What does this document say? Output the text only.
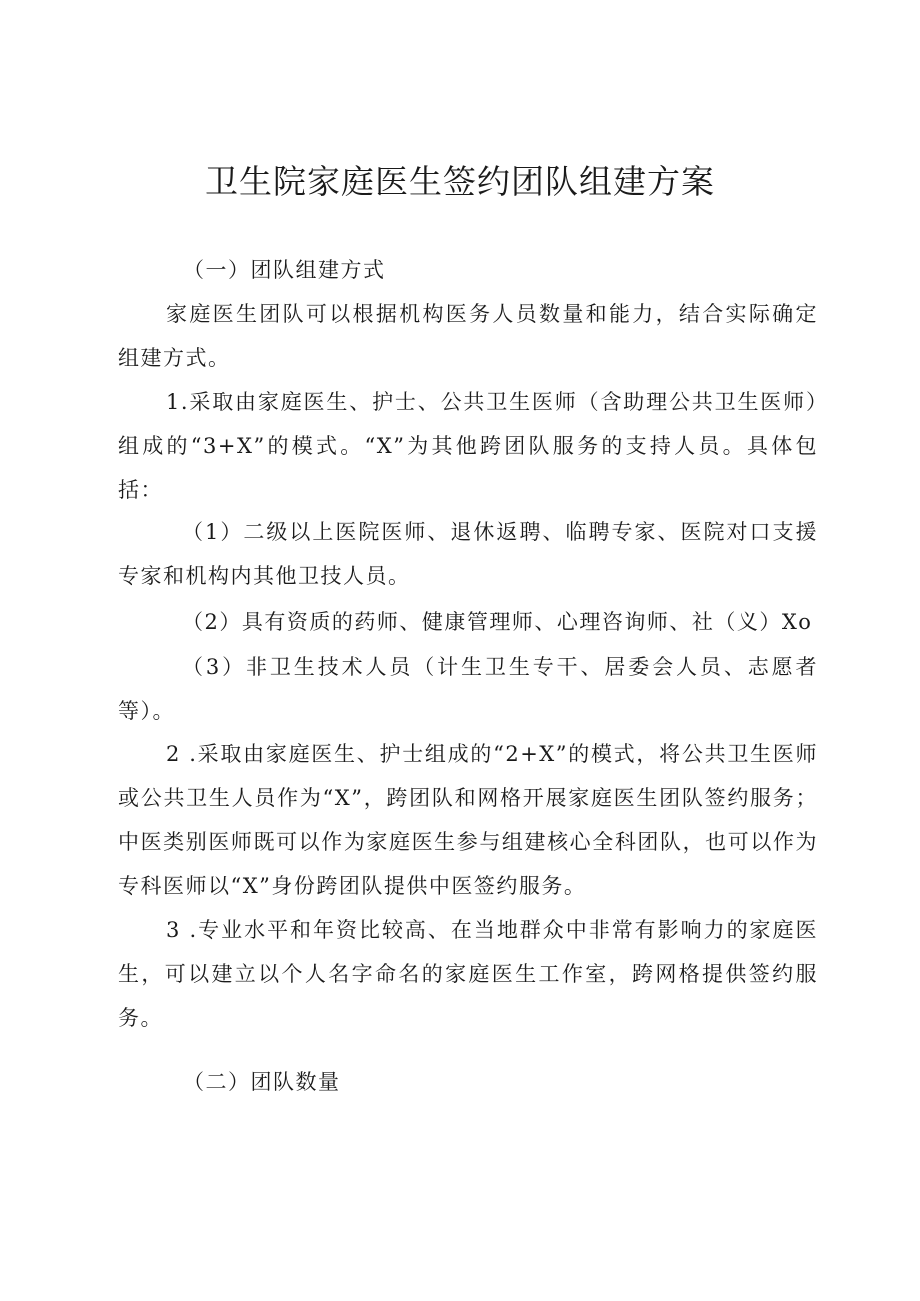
卫生院家庭医生签约团队组建方案

（一）团队组建方式

家庭医生团队可以根据机构医务人员数量和能力，结合实际确定组建方式。

1.采取由家庭医生、护士、公共卫生医师（含助理公共卫生医师）组成的“3+X”的模式。“X”为其他跨团队服务的支持人员。具体包括：

（1）二级以上医院医师、退休返聘、临聘专家、医院对口支援专家和机构内其他卫技人员。

（2）具有资质的药师、健康管理师、心理咨询师、社（义）Xo

（3）非卫生技术人员（计生卫生专干、居委会人员、志愿者等）。

2 .采取由家庭医生、护士组成的“2+X”的模式，将公共卫生医师或公共卫生人员作为“X”，跨团队和网格开展家庭医生团队签约服务；中医类别医师既可以作为家庭医生参与组建核心全科团队，也可以作为专科医师以“X”身份跨团队提供中医签约服务。

3 .专业水平和年资比较高、在当地群众中非常有影响力的家庭医生，可以建立以个人名字命名的家庭医生工作室，跨网格提供签约服务。

（二）团队数量
